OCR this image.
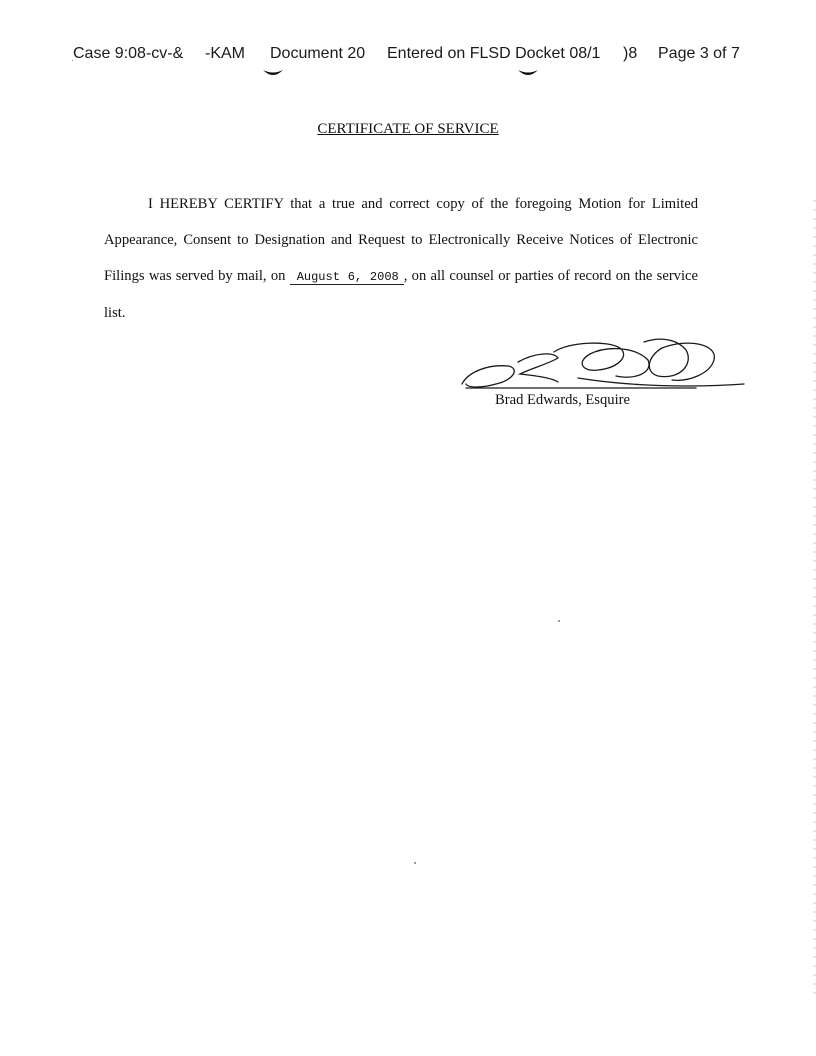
Case 9:08-cv-& ‐KAM Document 20 Entered on FLSD Docket 08/1 )8 Page 3 of 7
CERTIFICATE OF SERVICE
I HEREBY CERTIFY that a true and correct copy of the foregoing Motion for Limited Appearance, Consent to Designation and Request to Electronically Receive Notices of Electronic Filings was served by mail, on August 6, 2008 , on all counsel or parties of record on the service list.
Brad Edwards, Esquire
